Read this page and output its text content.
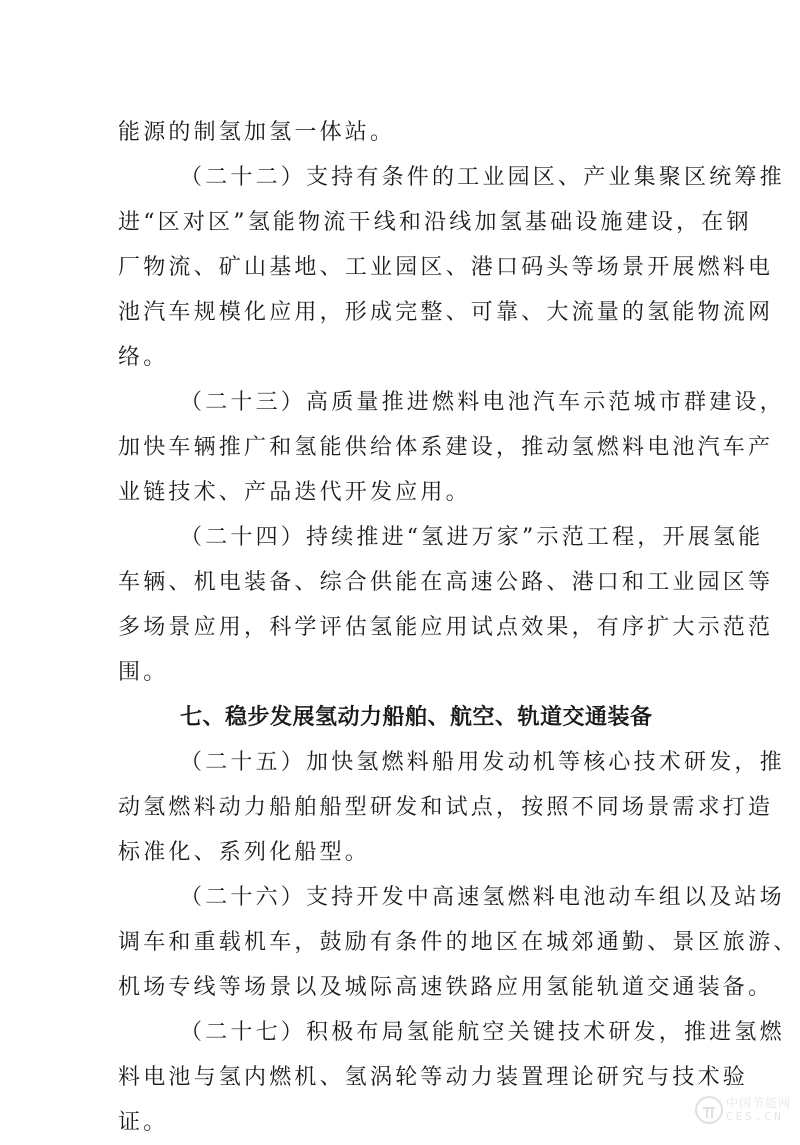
能源的制氢加氢一体站。
（二十二）支持有条件的工业园区、产业集聚区统筹推
进“区对区”氢能物流干线和沿线加氢基础设施建设，在钢
厂物流、矿山基地、工业园区、港口码头等场景开展燃料电
池汽车规模化应用，形成完整、可靠、大流量的氢能物流网
络。
（二十三）高质量推进燃料电池汽车示范城市群建设，
加快车辆推广和氢能供给体系建设，推动氢燃料电池汽车产
业链技术、产品迭代开发应用。
（二十四）持续推进“氢进万家”示范工程，开展氢能
车辆、机电装备、综合供能在高速公路、港口和工业园区等
多场景应用，科学评估氢能应用试点效果，有序扩大示范范
围。
七、稳步发展氢动力船舶、航空、轨道交通装备
（二十五）加快氢燃料船用发动机等核心技术研发，推
动氢燃料动力船舶船型研发和试点，按照不同场景需求打造
标准化、系列化船型。
（二十六）支持开发中高速氢燃料电池动车组以及站场
调车和重载机车，鼓励有条件的地区在城郊通勤、景区旅游、
机场专线等场景以及城际高速铁路应用氢能轨道交通装备。
（二十七）积极布局氢能航空关键技术研发，推进氢燃
料电池与氢内燃机、氢涡轮等动力装置理论研究与技术验
证。
中国节能网
CES.CN
